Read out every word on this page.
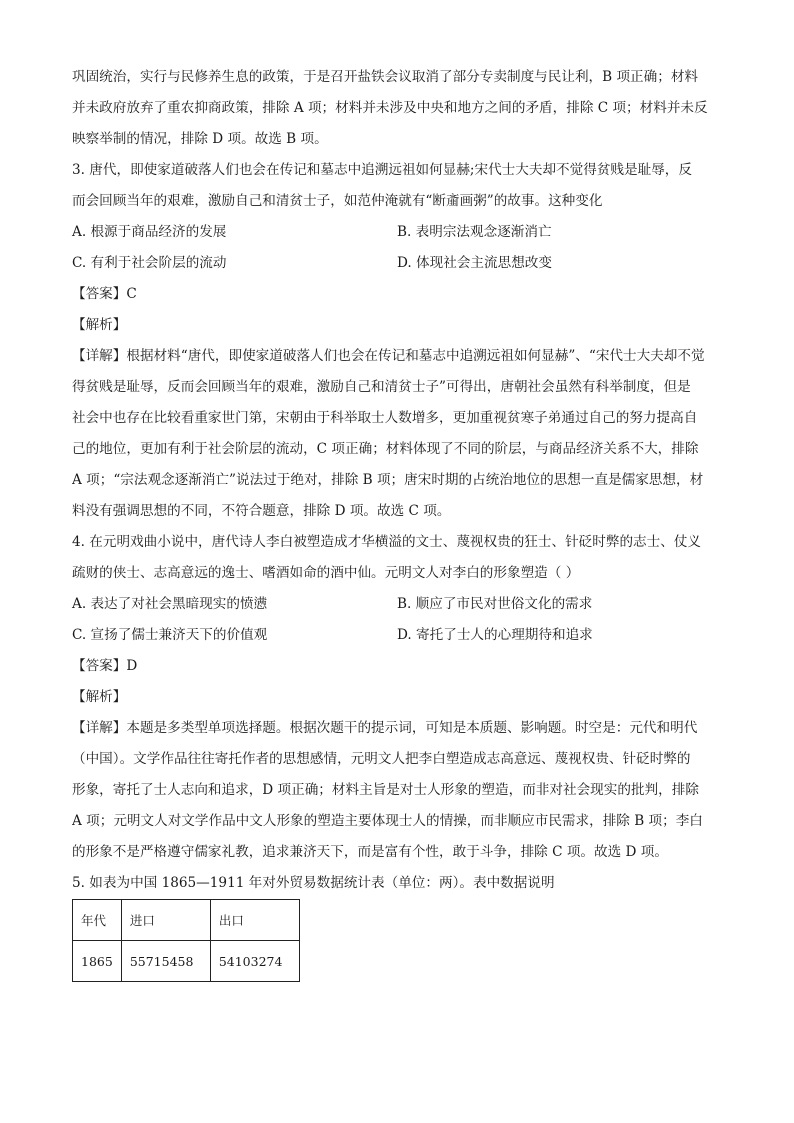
巩固统治，实行与民修养生息的政策，于是召开盐铁会议取消了部分专卖制度与民让利，B 项正确；材料
并未政府放弃了重农抑商政策，排除 A 项；材料并未涉及中央和地方之间的矛盾，排除 C 项；材料并未反
映察举制的情况，排除 D 项。故选 B 项。
3. 唐代，即使家道破落人们也会在传记和墓志中追溯远祖如何显赫;宋代士大夫却不觉得贫贱是耻辱，反
而会回顾当年的艰难，激励自己和清贫士子，如范仲淹就有“断齑画粥”的故事。这种变化
A. 根源于商品经济的发展	B. 表明宗法观念逐渐消亡
C. 有利于社会阶层的流动	D. 体现社会主流思想改变
【答案】C
【解析】
【详解】根据材料“唐代，即使家道破落人们也会在传记和墓志中追溯远祖如何显赫”、“宋代士大夫却不觉
得贫贱是耻辱，反而会回顾当年的艰难，激励自己和清贫士子”可得出，唐朝社会虽然有科举制度，但是
社会中也存在比较看重家世门第，宋朝由于科举取士人数增多，更加重视贫寒子弟通过自己的努力提高自
己的地位，更加有利于社会阶层的流动，C 项正确；材料体现了不同的阶层，与商品经济关系不大，排除
A 项；“宗法观念逐渐消亡”说法过于绝对，排除 B 项；唐宋时期的占统治地位的思想一直是儒家思想，材
料没有强调思想的不同，不符合题意，排除 D 项。故选 C 项。
4. 在元明戏曲小说中，唐代诗人李白被塑造成才华横溢的文士、蔑视权贵的狂士、针砭时弊的志士、仗义
疏财的侠士、志高意远的逸士、嗜酒如命的酒中仙。元明文人对李白的形象塑造（ ）
A. 表达了对社会黑暗现实的愤懑	B. 顺应了市民对世俗文化的需求
C. 宣扬了儒士兼济天下的价值观	D. 寄托了士人的心理期待和追求
【答案】D
【解析】
【详解】本题是多类型单项选择题。根据次题干的提示词，可知是本质题、影响题。时空是：元代和明代
（中国）。文学作品往往寄托作者的思想感情，元明文人把李白塑造成志高意远、蔑视权贵、针砭时弊的
形象，寄托了士人志向和追求，D 项正确；材料主旨是对士人形象的塑造，而非对社会现实的批判，排除
A 项；元明文人对文学作品中文人形象的塑造主要体现士人的情操，而非顺应市民需求，排除 B 项；李白
的形象不是严格遵守儒家礼教，追求兼济天下，而是富有个性，敢于斗争，排除 C 项。故选 D 项。
5. 如表为中国 1865—1911 年对外贸易数据统计表（单位：两）。表中数据说明
年代	进口	出口
1865	55715458	54103274
